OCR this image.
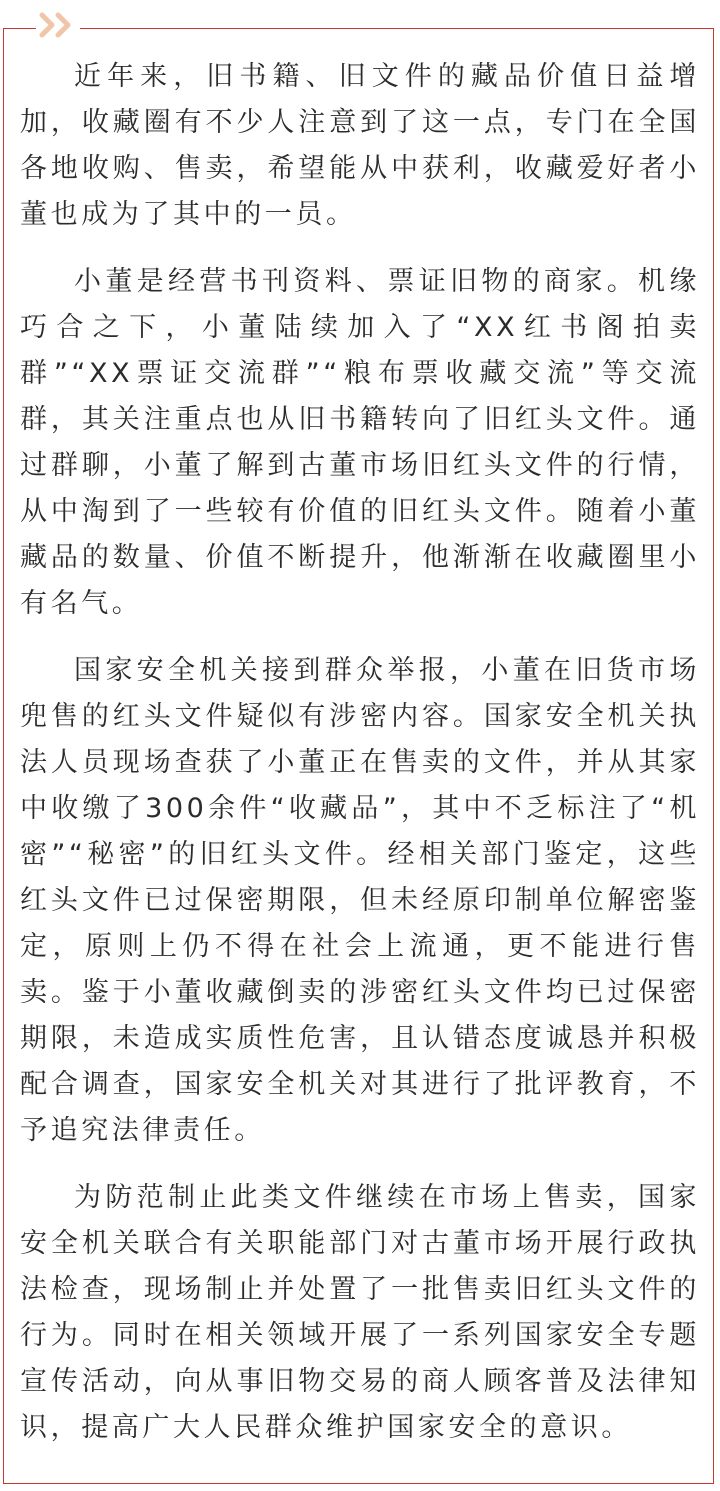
近年来，旧书籍、旧文件的藏品价值日益增加，收藏圈有不少人注意到了这一点，专门在全国各地收购、售卖，希望能从中获利，收藏爱好者小董也成为了其中的一员。

小董是经营书刊资料、票证旧物的商家。机缘巧合之下，小董陆续加入了“XX红书阁拍卖群”“XX票证交流群”“粮布票收藏交流”等交流群，其关注重点也从旧书籍转向了旧红头文件。通过群聊，小董了解到古董市场旧红头文件的行情，从中淘到了一些较有价值的旧红头文件。随着小董藏品的数量、价值不断提升，他渐渐在收藏圈里小有名气。

国家安全机关接到群众举报，小董在旧货市场兜售的红头文件疑似有涉密内容。国家安全机关执法人员现场查获了小董正在售卖的文件，并从其家中收缴了300余件“收藏品”，其中不乏标注了“机密”“秘密”的旧红头文件。经相关部门鉴定，这些红头文件已过保密期限，但未经原印制单位解密鉴定，原则上仍不得在社会上流通，更不能进行售卖。鉴于小董收藏倒卖的涉密红头文件均已过保密期限，未造成实质性危害，且认错态度诚恳并积极配合调查，国家安全机关对其进行了批评教育，不予追究法律责任。

为防范制止此类文件继续在市场上售卖，国家安全机关联合有关职能部门对古董市场开展行政执法检查，现场制止并处置了一批售卖旧红头文件的行为。同时在相关领域开展了一系列国家安全专题宣传活动，向从事旧物交易的商人顾客普及法律知识，提高广大人民群众维护国家安全的意识。
